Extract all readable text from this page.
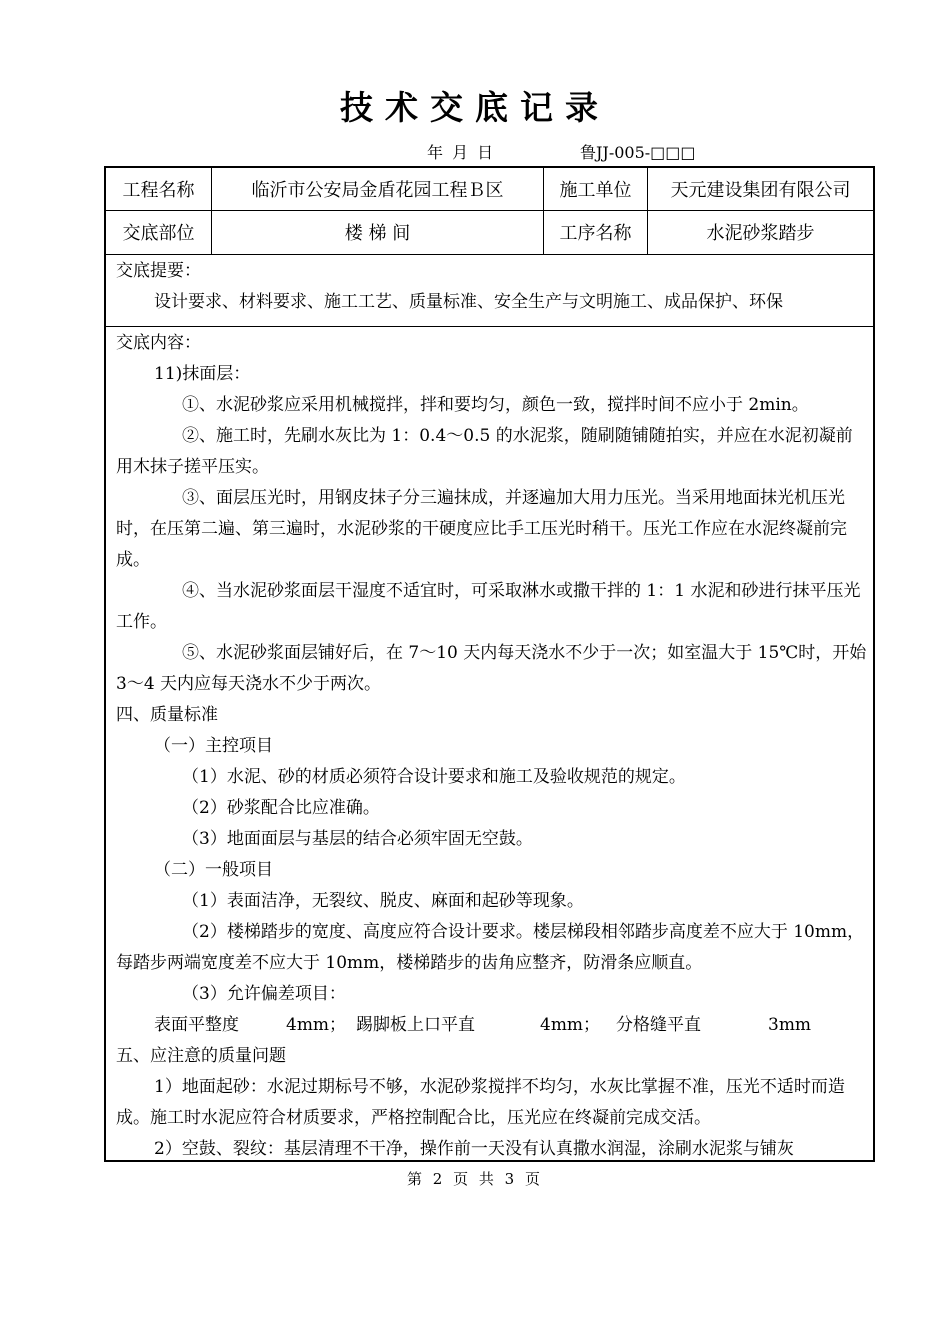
技术交底记录
年 月 日	鲁JJ-005-□□□
工程名称	临沂市公安局金盾花园工程Ｂ区	施工单位	天元建设集团有限公司
交底部位	楼 梯 间	工序名称	水泥砂浆踏步
交底提要：
设计要求、材料要求、施工工艺、质量标准、安全生产与文明施工、成品保护、环保
交底内容：

11)抹面层：

①、水泥砂浆应采用机械搅拌，拌和要均匀，颜色一致，搅拌时间不应小于 2min。

②、施工时，先刷水灰比为 1：0.4～0.5 的水泥浆，随刷随铺随拍实，并应在水泥初凝前用木抹子搓平压实。

③、面层压光时，用钢皮抹子分三遍抹成，并逐遍加大用力压光。当采用地面抹光机压光时，在压第二遍、第三遍时，水泥砂浆的干硬度应比手工压光时稍干。压光工作应在水泥终凝前完成。

④、当水泥砂浆面层干湿度不适宜时，可采取淋水或撒干拌的 1：1 水泥和砂进行抹平压光工作。

⑤、水泥砂浆面层铺好后，在 7～10 天内每天浇水不少于一次；如室温大于 15℃时，开始 3～4 天内应每天浇水不少于两次。

四、质量标准

（一）主控项目

（1）水泥、砂的材质必须符合设计要求和施工及验收规范的规定。

（2）砂浆配合比应准确。

（3）地面面层与基层的结合必须牢固无空鼓。

（二）一般项目

（1）表面洁净，无裂纹、脱皮、麻面和起砂等现象。

（2）楼梯踏步的宽度、高度应符合设计要求。楼层梯段相邻踏步高度差不应大于 10mm，每踏步两端宽度差不应大于 10mm，楼梯踏步的齿角应整齐，防滑条应顺直。

（3）允许偏差项目：

表面平整度	4mm； 踢脚板上口平直	4mm； 分格缝平直	3mm

五、应注意的质量问题

1）地面起砂：水泥过期标号不够，水泥砂浆搅拌不均匀，水灰比掌握不准，压光不适时而造成。施工时水泥应符合材质要求，严格控制配合比，压光应在终凝前完成交活。

2）空鼓、裂纹：基层清理不干净，操作前一天没有认真撒水润湿，涂刷水泥浆与铺灰

第 2 页 共 3 页
